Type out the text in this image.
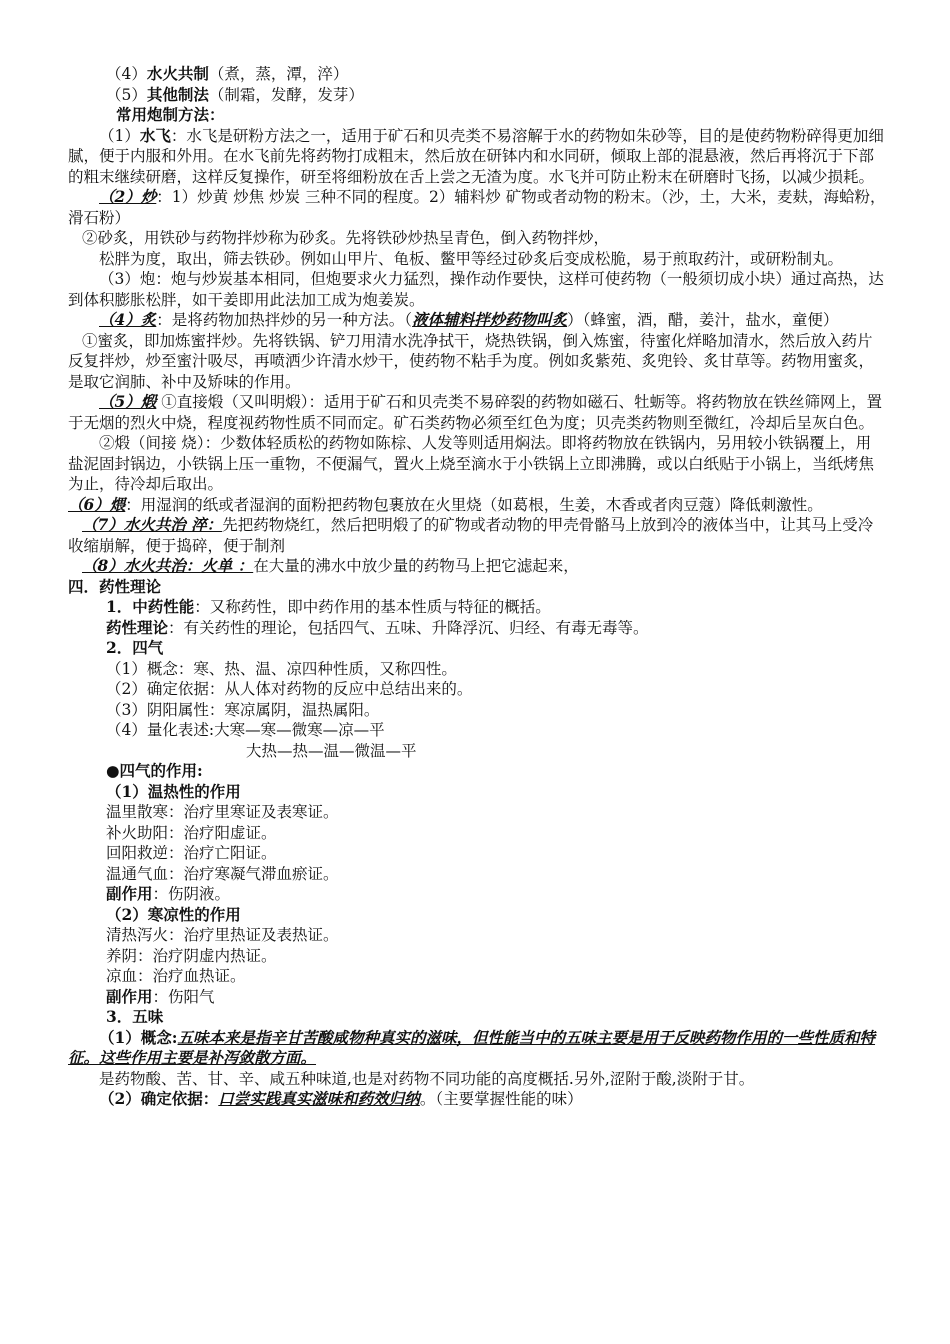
（4）水火共制（煮，蒸，潭，淬）

（5）其他制法（制霜，发酵，发芽）

常用炮制方法：

（1）水飞：水飞是研粉方法之一，适用于矿石和贝壳类不易溶解于水的药物如朱砂等，目的是使药物粉碎得更加细腻，便于内服和外用。在水飞前先将药物打成粗末，然后放在研钵内和水同研，倾取上部的混悬液，然后再将沉于下部的粗末继续研磨，这样反复操作，研至将细粉放在舌上尝之无渣为度。水飞并可防止粉末在研磨时飞扬，以减少损耗。

（2）炒：1）炒黄 炒焦 炒炭 三种不同的程度。2）辅料炒 矿物或者动物的粉末。（沙，土，大米，麦麸，海蛤粉，滑石粉）

②砂炙，用铁砂与药物拌炒称为砂炙。先将铁砂炒热呈青色，倒入药物拌炒，

松胖为度，取出，筛去铁砂。例如山甲片、龟板、鳖甲等经过砂炙后变成松脆，易于煎取药汁，或研粉制丸。

（3）炮：炮与炒炭基本相同，但炮要求火力猛烈，操作动作要快，这样可使药物（一般须切成小块）通过高热，达到体积膨胀松胖，如干姜即用此法加工成为炮姜炭。

（4）炙：是将药物加热拌炒的另一种方法。（液体辅料拌炒药物叫炙）（蜂蜜，酒，醋，姜汁，盐水，童便）

①蜜炙，即加炼蜜拌炒。先将铁锅、铲刀用清水洗净拭干，烧热铁锅，倒入炼蜜，待蜜化烊略加清水，然后放入药片反复拌炒，炒至蜜汁吸尽，再喷洒少许清水炒干，使药物不粘手为度。例如炙紫苑、炙兜铃、炙甘草等。药物用蜜炙，是取它润肺、补中及矫味的作用。

（5）煅 ①直接煅（又叫明煅）：适用于矿石和贝壳类不易碎裂的药物如磁石、牡蛎等。将药物放在铁丝筛网上，置于无烟的烈火中烧，程度视药物性质不同而定。矿石类药物必须至红色为度；贝壳类药物则至微红，冷却后呈灰白色。

②煅（间接 烧）：少数体轻质松的药物如陈棕、人发等则适用焖法。即将药物放在铁锅内，另用较小铁锅覆上，用盐泥固封锅边，小铁锅上压一重物，不便漏气，置火上烧至滴水于小铁锅上立即沸腾，或以白纸贴于小锅上，当纸烤焦为止，待冷却后取出。

（6）煨：用湿润的纸或者湿润的面粉把药物包裹放在火里烧（如葛根，生姜，木香或者肉豆蔻）降低刺激性。

（7）水火共治 淬：先把药物烧红，然后把明煅了的矿物或者动物的甲壳骨骼马上放到冷的液体当中，让其马上受冷收缩崩解，便于捣碎，便于制剂

（8）水火共治：火单 ：在大量的沸水中放少量的药物马上把它滤起来，

四．药性理论

1．中药性能：又称药性，即中药作用的基本性质与特征的概括。

药性理论：有关药性的理论，包括四气、五味、升降浮沉、归经、有毒无毒等。

2．四气

（1）概念：寒、热、温、凉四种性质，又称四性。

（2）确定依据：从人体对药物的反应中总结出来的。

（3）阴阳属性：寒凉属阴，温热属阳。

（4）量化表述:大寒—寒—微寒—凉—平

大热—热—温—微温—平

●四气的作用:

（1）温热性的作用

温里散寒：治疗里寒证及表寒证。

补火助阳：治疗阳虚证。

回阳救逆：治疗亡阳证。

温通气血：治疗寒凝气滞血瘀证。

副作用：伤阴液。

（2）寒凉性的作用

清热泻火：治疗里热证及表热证。

养阴：治疗阴虚内热证。

凉血：治疗血热证。

副作用：伤阳气

3．五味

（1）概念:五味本来是指辛甘苦酸咸物种真实的滋味，但性能当中的五味主要是用于反映药物作用的一些性质和特征。这些作用主要是补泻敛散方面。

是药物酸、苦、甘、辛、咸五种味道,也是对药物不同功能的高度概括.另外,涩附于酸,淡附于甘。

（2）确定依据：口尝实践真实滋味和药效归纳。（主要掌握性能的味）
